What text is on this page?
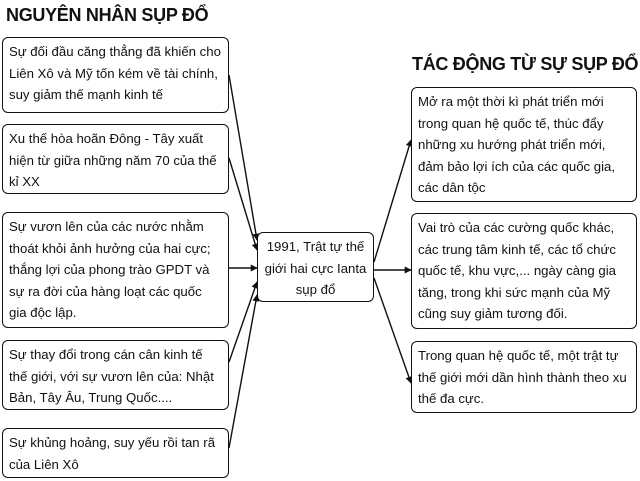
NGUYÊN NHÂN SỤP ĐỔ
TÁC ĐỘNG TỪ SỰ SỤP ĐỔ
Sự đối đầu căng thẳng đã khiến cho Liên Xô và Mỹ tốn kém về tài chính, suy giảm thế mạnh kinh tế
Xu thế hòa hoãn Đông - Tây xuất hiện từ giữa những năm 70 của thế kỉ XX
Sự vươn lên của các nước nhằm thoát khỏi ảnh hưởng của hai cực; thắng lợi của phong trào GPDT và sự ra đời của hàng loạt các quốc gia độc lập.
Sự thay đổi trong cán cân kinh tế thế giới, với sự vươn lên của: Nhật Bản, Tây Âu, Trung Quốc....
Sự khủng hoảng, suy yếu rồi tan rã của Liên Xô
1991, Trật tự thế giới hai cực Ianta sụp đổ
Mở ra một thời kì phát triển mới trong quan hệ quốc tế, thúc đẩy những xu hướng phát triển mới, đảm bảo lợi ích của các quốc gia, các dân tộc
Vai trò của các cường quốc khác, các trung tâm kinh tế, các tổ chức quốc tế, khu vực,... ngày càng gia tăng, trong khi sức mạnh của Mỹ cũng suy giảm tương đối.
Trong quan hệ quốc tế, một trật tự thế giới mới dần hình thành theo xu thế đa cực.
